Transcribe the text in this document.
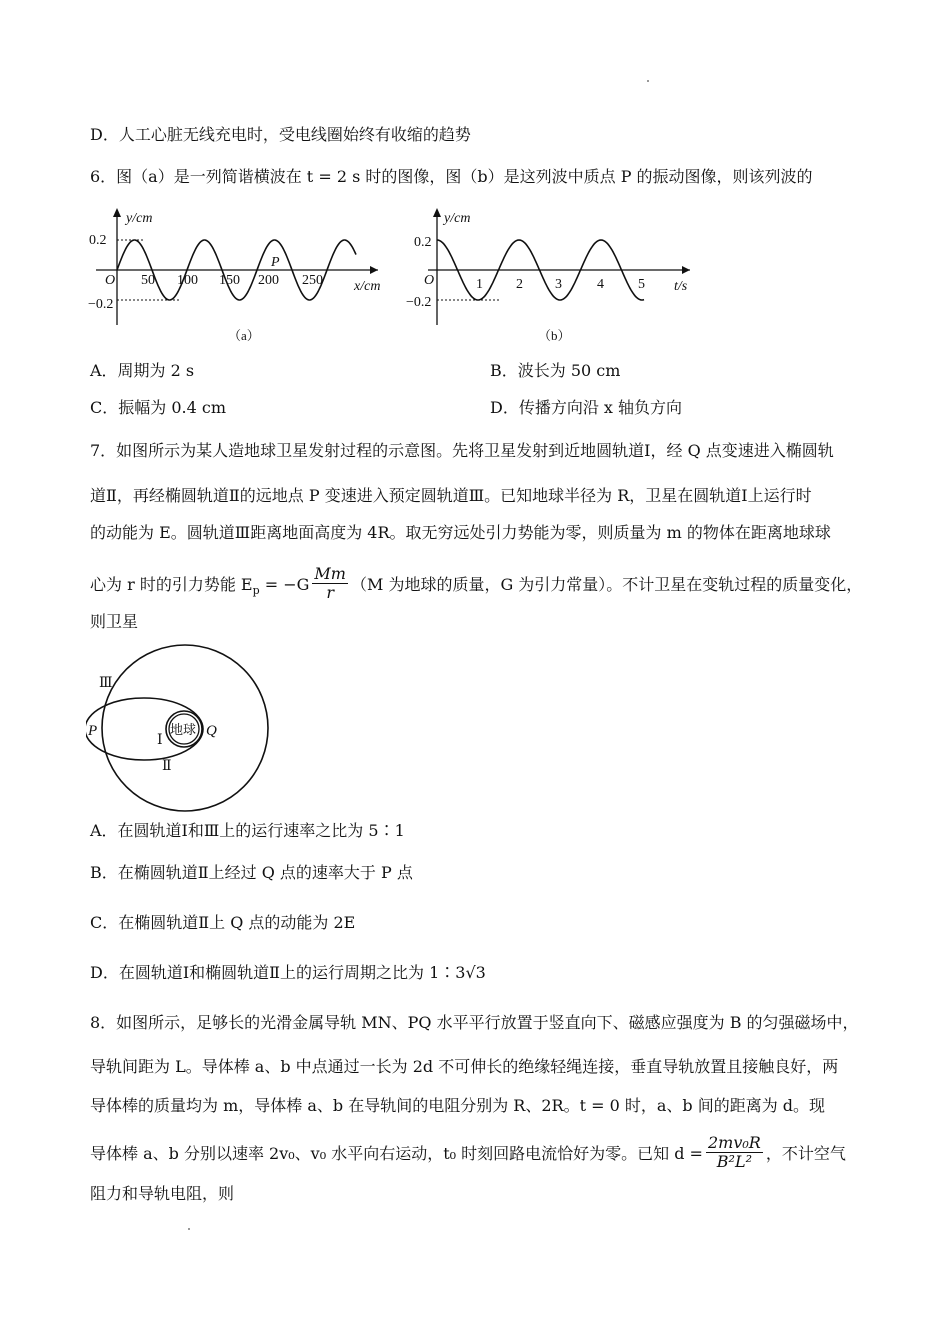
D．人工心脏无线充电时，受电线圈始终有收缩的趋势
6．图（a）是一列简谐横波在 t = 2 s 时的图像，图（b）是这列波中质点 P 的振动图像，则该列波的
y/cm
0.2
−0.2
O 50 100 150 200 250
P
x/cm
（a）
y/cm
0.2
−0.2
O	1 2 3	4 5 t/s
（b）
A．周期为 2 s	B．波长为 50 cm
C．振幅为 0.4 cm	D．传播方向沿 x 轴负方向
7．如图所示为某人造地球卫星发射过程的示意图。先将卫星发射到近地圆轨道Ⅰ，经 Q 点变速进入椭圆轨
道Ⅱ，再经椭圆轨道Ⅱ的远地点 P 变速进入预定圆轨道Ⅲ。已知地球半径为 R，卫星在圆轨道Ⅰ上运行时
的动能为 E。圆轨道Ⅲ距离地面高度为 4R。取无穷远处引力势能为零，则质量为 m 的物体在距离地球球
心为 r 时的引力势能 $E_p = -G \frac{Mm}{r} (M$ 为地球的质量，G 为引力常量）。不计卫星在变轨过程的质量变化，
则卫星
地球
Ⅲ
P	Q
Ⅰ
Ⅱ
A．在圆轨道Ⅰ和Ⅲ上的运行速率之比为 5∶1
B．在椭圆轨道Ⅱ上经过 Q 点的速率大于 P 点
C．在椭圆轨道Ⅱ上 Q 点的动能为 2E
D．在圆轨道Ⅰ和椭圆轨道Ⅱ上的运行周期之比为 1∶3√3
8．如图所示，足够长的光滑金属导轨 MN、PQ 水平平行放置于竖直向下、磁感应强度为 B 的匀强磁场中，
导轨间距为 L。导体棒 a、b 中点通过一长为 2d 不可伸长的绝缘轻绳连接，垂直导轨放置且接触良好，两
导体棒的质量均为 m，导体棒 a、b 在导轨间的电阻分别为 R、2R。t = 0 时，a、b 间的距离为 d。现
导体棒 a、b 分别以速率 2v₀、v₀ 水平向右运动，t₀ 时刻回路电流恰好为零。已知 $d = \frac{\text{2mv₀R}}{\text{B²L²}}$ ，不计空气
阻力和导轨电阻，则
